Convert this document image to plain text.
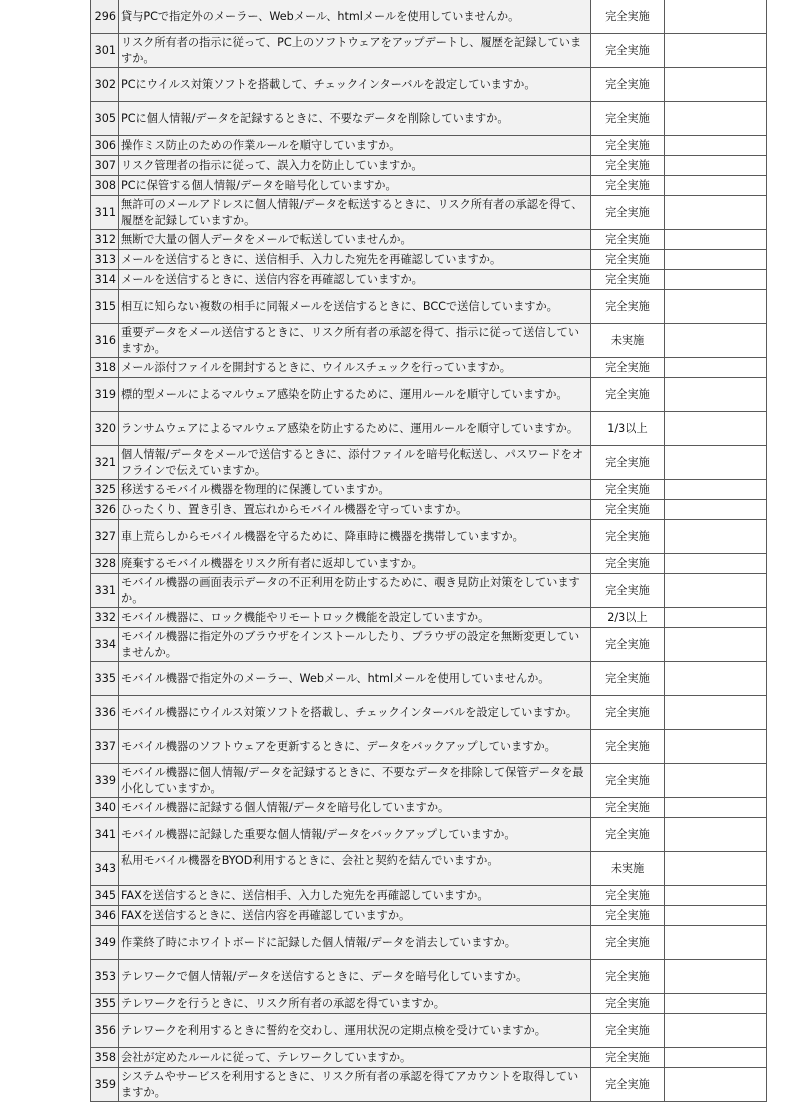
296	貸与PCで指定外のメーラー、Webメール、htmlメールを使用していませんか。	完全実施	
301	リスク所有者の指示に従って、PC上のソフトウェアをアップデートし、履歴を記録していますか。	完全実施	
302	PCにウイルス対策ソフトを搭載して、チェックインターバルを設定していますか。	完全実施	
305	PCに個人情報/データを記録するときに、不要なデータを削除していますか。	完全実施	
306	操作ミス防止のための作業ルールを順守していますか。	完全実施	
307	リスク管理者の指示に従って、誤入力を防止していますか。	完全実施	
308	PCに保管する個人情報/データを暗号化していますか。	完全実施	
311	無許可のメールアドレスに個人情報/データを転送するときに、リスク所有者の承認を得て、履歴を記録していますか。	完全実施	
312	無断で大量の個人データをメールで転送していませんか。	完全実施	
313	メールを送信するときに、送信相手、入力した宛先を再確認していますか。	完全実施	
314	メールを送信するときに、送信内容を再確認していますか。	完全実施	
315	相互に知らない複数の相手に同報メールを送信するときに、BCCで送信していますか。	完全実施	
316	重要データをメール送信するときに、リスク所有者の承認を得て、指示に従って送信していますか。	未実施	
318	メール添付ファイルを開封するときに、ウイルスチェックを行っていますか。	完全実施	
319	標的型メールによるマルウェア感染を防止するために、運用ルールを順守していますか。	完全実施	
320	ランサムウェアによるマルウェア感染を防止するために、運用ルールを順守していますか。	1/3以上	
321	個人情報/データをメールで送信するときに、添付ファイルを暗号化転送し、パスワードをオフラインで伝えていますか。	完全実施	
325	移送するモバイル機器を物理的に保護していますか。	完全実施	
326	ひったくり、置き引き、置忘れからモバイル機器を守っていますか。	完全実施	
327	車上荒らしからモバイル機器を守るために、降車時に機器を携帯していますか。	完全実施	
328	廃棄するモバイル機器をリスク所有者に返却していますか。	完全実施	
331	モバイル機器の画面表示データの不正利用を防止するために、覗き見防止対策をしていますか。	完全実施	
332	モバイル機器に、ロック機能やリモートロック機能を設定していますか。	2/3以上	
334	モバイル機器に指定外のブラウザをインストールしたり、ブラウザの設定を無断変更していませんか。	完全実施	
335	モバイル機器で指定外のメーラー、Webメール、htmlメールを使用していませんか。	完全実施	
336	モバイル機器にウイルス対策ソフトを搭載し、チェックインターバルを設定していますか。	完全実施	
337	モバイル機器のソフトウェアを更新するときに、データをバックアップしていますか。	完全実施	
339	モバイル機器に個人情報/データを記録するときに、不要なデータを排除して保管データを最小化していますか。	完全実施	
340	モバイル機器に記録する個人情報/データを暗号化していますか。	完全実施	
341	モバイル機器に記録した重要な個人情報/データをバックアップしていますか。	完全実施	
343	私用モバイル機器をBYOD利用するときに、会社と契約を結んでいますか。	未実施	
345	FAXを送信するときに、送信相手、入力した宛先を再確認していますか。	完全実施	
346	FAXを送信するときに、送信内容を再確認していますか。	完全実施	
349	作業終了時にホワイトボードに記録した個人情報/データを消去していますか。	完全実施	
353	テレワークで個人情報/データを送信するときに、データを暗号化していますか。	完全実施	
355	テレワークを行うときに、リスク所有者の承認を得ていますか。	完全実施	
356	テレワークを利用するときに誓約を交わし、運用状況の定期点検を受けていますか。	完全実施	
358	会社が定めたルールに従って、テレワークしていますか。	完全実施	
359	システムやサービスを利用するときに、リスク所有者の承認を得てアカウントを取得していますか。	完全実施	
